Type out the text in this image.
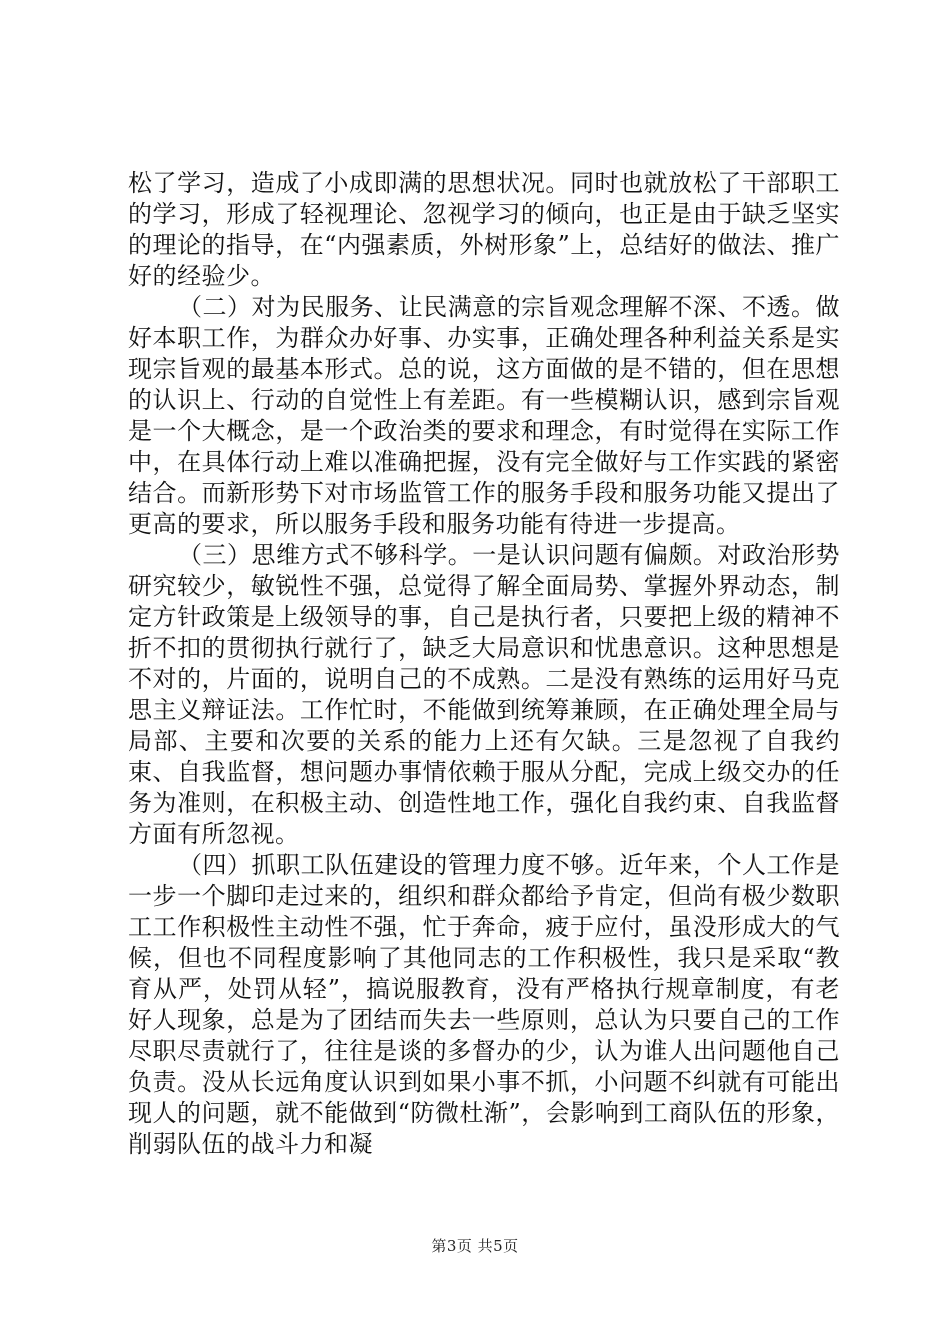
松了学习，造成了小成即满的思想状况。同时也就放松了干部职工的学习，形成了轻视理论、忽视学习的倾向，也正是由于缺乏坚实的理论的指导，在“内强素质，外树形象”上，总结好的做法、推广好的经验少。

（二）对为民服务、让民满意的宗旨观念理解不深、不透。做好本职工作，为群众办好事、办实事，正确处理各种利益关系是实现宗旨观的最基本形式。总的说，这方面做的是不错的，但在思想的认识上、行动的自觉性上有差距。有一些模糊认识，感到宗旨观是一个大概念，是一个政治类的要求和理念，有时觉得在实际工作中，在具体行动上难以准确把握，没有完全做好与工作实践的紧密结合。而新形势下对市场监管工作的服务手段和服务功能又提出了更高的要求，所以服务手段和服务功能有待进一步提高。

（三）思维方式不够科学。一是认识问题有偏颇。对政治形势研究较少，敏锐性不强，总觉得了解全面局势、掌握外界动态，制定方针政策是上级领导的事，自己是执行者，只要把上级的精神不折不扣的贯彻执行就行了，缺乏大局意识和忧患意识。这种思想是不对的，片面的，说明自己的不成熟。二是没有熟练的运用好马克思主义辩证法。工作忙时，不能做到统筹兼顾，在正确处理全局与局部、主要和次要的关系的能力上还有欠缺。三是忽视了自我约束、自我监督，想问题办事情依赖于服从分配，完成上级交办的任务为准则，在积极主动、创造性地工作，强化自我约束、自我监督方面有所忽视。

（四）抓职工队伍建设的管理力度不够。近年来，个人工作是一步一个脚印走过来的，组织和群众都给予肯定，但尚有极少数职工工作积极性主动性不强，忙于奔命，疲于应付，虽没形成大的气候，但也不同程度影响了其他同志的工作积极性，我只是采取“教育从严，处罚从轻”，搞说服教育，没有严格执行规章制度，有老好人现象，总是为了团结而失去一些原则，总认为只要自己的工作尽职尽责就行了，往往是谈的多督办的少，认为谁人出问题他自己负责。没从长远角度认识到如果小事不抓，小问题不纠就有可能出现人的问题，就不能做到“防微杜渐”，会影响到工商队伍的形象，削弱队伍的战斗力和凝

第3页 共5页
